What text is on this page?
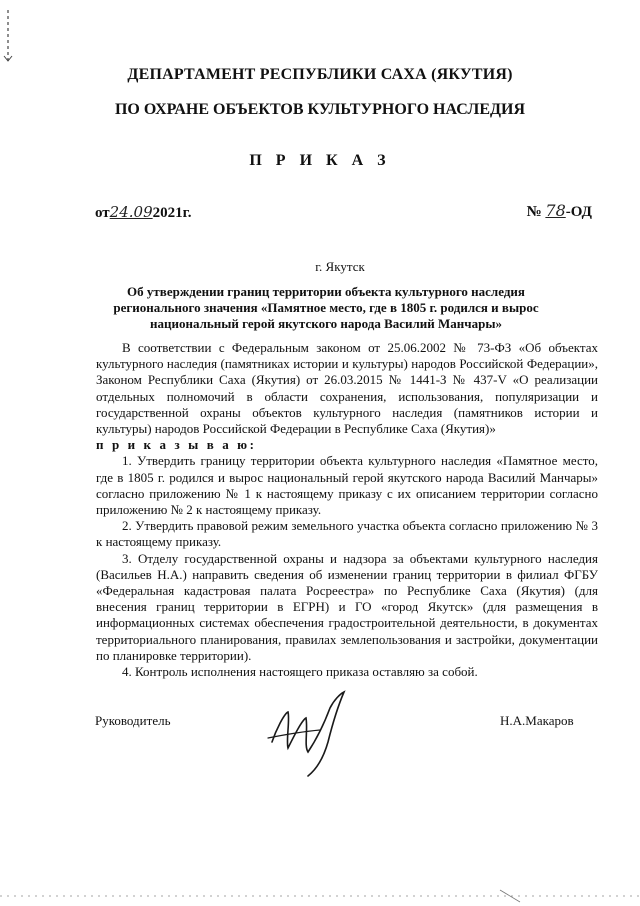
ДЕПАРТАМЕНТ РЕСПУБЛИКИ САХА (ЯКУТИЯ)
ПО ОХРАНЕ ОБЪЕКТОВ КУЛЬТУРНОГО НАСЛЕДИЯ
П Р И К А З
от24.092021г.	№ 78-ОД
г. Якутск
Об утверждении границ территории объекта культурного наследия регионального значения «Памятное место, где в 1805 г. родился и вырос национальный герой якутского народа Василий Манчары»

В соответствии с Федеральным законом от 25.06.2002 № 73-ФЗ «Об объектах культурного наследия (памятниках истории и культуры) народов Российской Федерации», Законом Республики Саха (Якутия) от 26.03.2015 № 1441-З № 437-V «О реализации отдельных полномочий в области сохранения, использования, популяризации и государственной охраны объектов культурного наследия (памятников истории и культуры) народов Российской Федерации в Республике Саха (Якутия)»

п р и к а з ы в а ю:

1. Утвердить границу территории объекта культурного наследия «Памятное место, где в 1805 г. родился и вырос национальный герой якутского народа Василий Манчары» согласно приложению № 1 к настоящему приказу с их описанием территории согласно приложению № 2 к настоящему приказу.

2. Утвердить правовой режим земельного участка объекта согласно приложению № 3 к настоящему приказу.

3. Отделу государственной охраны и надзора за объектами культурного наследия (Васильев Н.А.) направить сведения об изменении границ территории в филиал ФГБУ «Федеральная кадастровая палата Росреестра» по Республике Саха (Якутия) (для внесения границ территории в ЕГРН) и ГО «город Якутск» (для размещения в информационных системах обеспечения градостроительной деятельности, в документах территориального планирования, правилах землепользования и застройки, документации по планировке территории).

4. Контроль исполнения настоящего приказа оставляю за собой.

Руководитель	Н.А.Макаров
